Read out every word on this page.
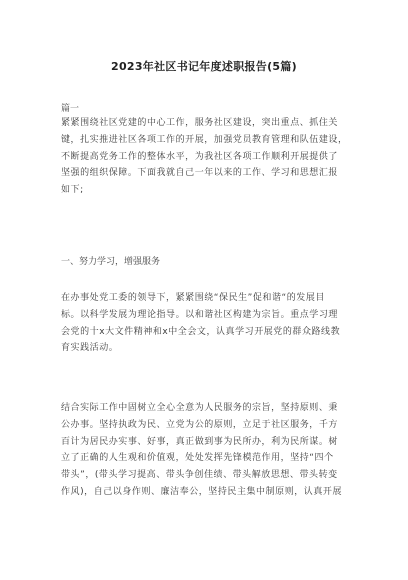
2023年社区书记年度述职报告(5篇)
篇一
紧紧围绕社区党建的中心工作，服务社区建设，突出重点、抓住关
键，扎实推进社区各项工作的开展，加强党员教育管理和队伍建设，
不断提高党务工作的整体水平，为我社区各项工作顺利开展提供了
坚强的组织保障。下面我就自己一年以来的工作、学习和思想汇报
如下;
一、努力学习，增强服务
在办事处党工委的领导下，紧紧围绕“保民生”促和谐“的发展目
标。以科学发展为理论指导。以和谐社区构建为宗旨。重点学习理
会党的十x大文件精神和x中全会文，认真学习开展党的群众路线教
育实践活动。
结合实际工作中固树立全心全意为人民服务的宗旨，坚持原则、秉
公办事。坚持执政为民、立党为公的原则，立足于社区服务，千方
百计为居民办实事、好事，真正做到事为民所办，利为民所谋。树
立了正确的人生观和价值观，处处发挥先锋模范作用，坚持“四个
带头”，(带头学习提高、带头争创佳绩、带头解放思想、带头转变
作风)，自己以身作则、廉洁奉公，坚持民主集中制原则，认真开展
